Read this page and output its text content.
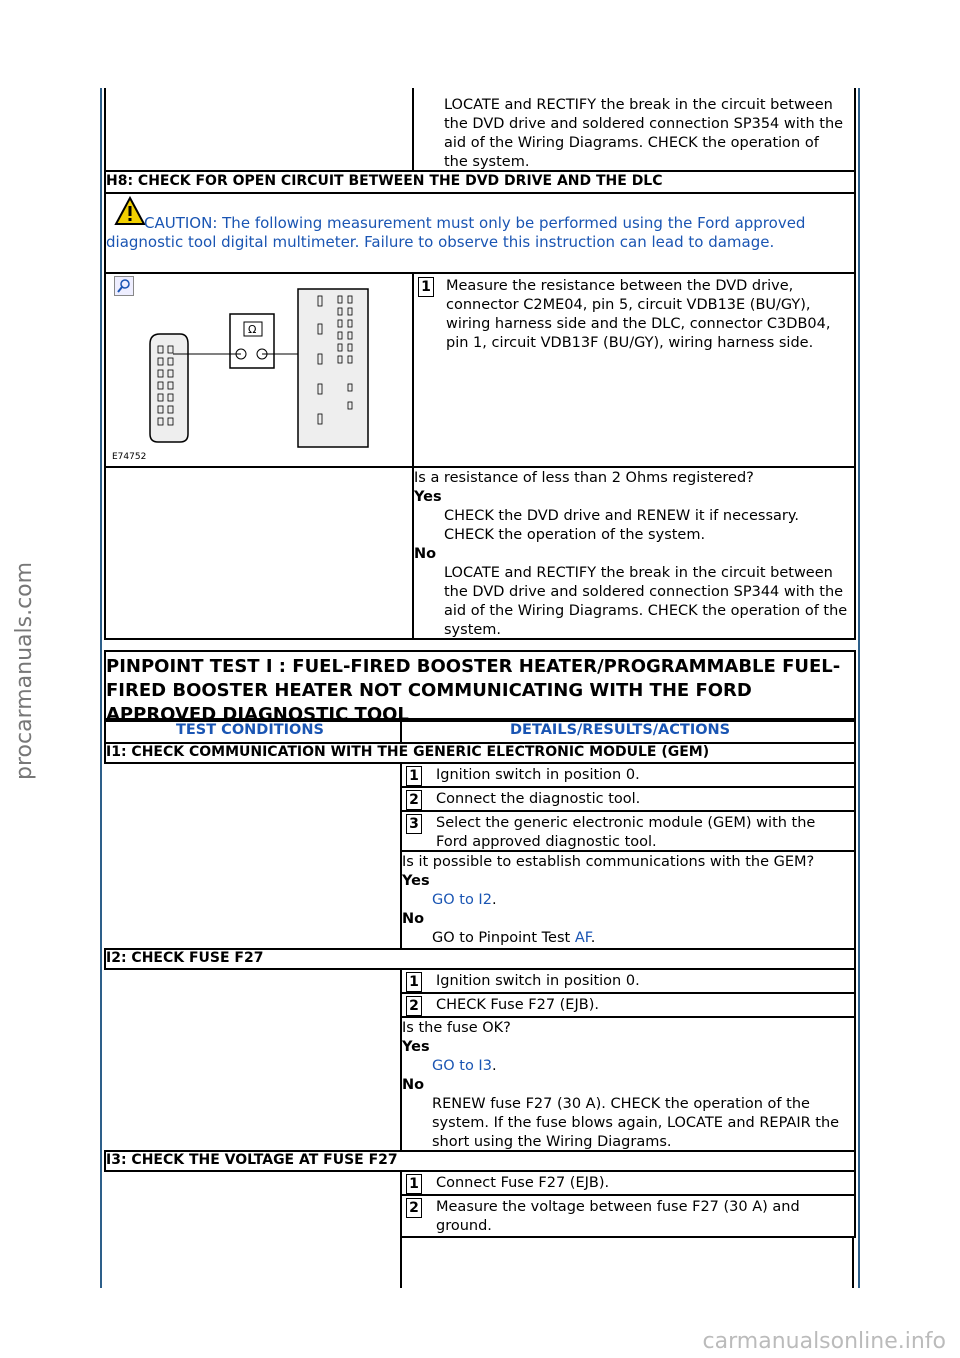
procarmanuals.com
carmanualsonline.info
LOCATE and RECTIFY the break in the circuit between the DVD drive and soldered connection SP354 with the aid of the Wiring Diagrams. CHECK the operation of the system.
H8: CHECK FOR OPEN CIRCUIT BETWEEN THE DVD DRIVE AND THE DLC
CAUTION: The following measurement must only be performed using the Ford approved diagnostic tool digital multimeter. Failure to observe this instruction can lead to damage.
Ω
E74752
1 Measure the resistance between the DVD drive, connector C2ME04, pin 5, circuit VDB13E (BU/GY), wiring harness side and the DLC, connector C3DB04, pin 1, circuit VDB13F (BU/GY), wiring harness side.
Is a resistance of less than 2 Ohms registered?
Yes
CHECK the DVD drive and RENEW it if necessary. CHECK the operation of the system.
No
LOCATE and RECTIFY the break in the circuit between the DVD drive and soldered connection SP344 with the aid of the Wiring Diagrams. CHECK the operation of the system.
PINPOINT TEST I : FUEL-FIRED BOOSTER HEATER/PROGRAMMABLE FUEL-FIRED BOOSTER HEATER NOT COMMUNICATING WITH THE FORD APPROVED DIAGNOSTIC TOOL
TEST CONDITIONS	DETAILS/RESULTS/ACTIONS
I1: CHECK COMMUNICATION WITH THE GENERIC ELECTRONIC MODULE (GEM)
1 Ignition switch in position 0.
2 Connect the diagnostic tool.
3 Select the generic electronic module (GEM) with the Ford approved diagnostic tool.
Is it possible to establish communications with the GEM?
Yes
GO to I2.
No
GO to Pinpoint Test AF.
I2: CHECK FUSE F27
1 Ignition switch in position 0.
2 CHECK Fuse F27 (EJB).
Is the fuse OK?
Yes
GO to I3.
No
RENEW fuse F27 (30 A). CHECK the operation of the system. If the fuse blows again, LOCATE and REPAIR the short using the Wiring Diagrams.
I3: CHECK THE VOLTAGE AT FUSE F27
1 Connect Fuse F27 (EJB).
2 Measure the voltage between fuse F27 (30 A) and ground.
